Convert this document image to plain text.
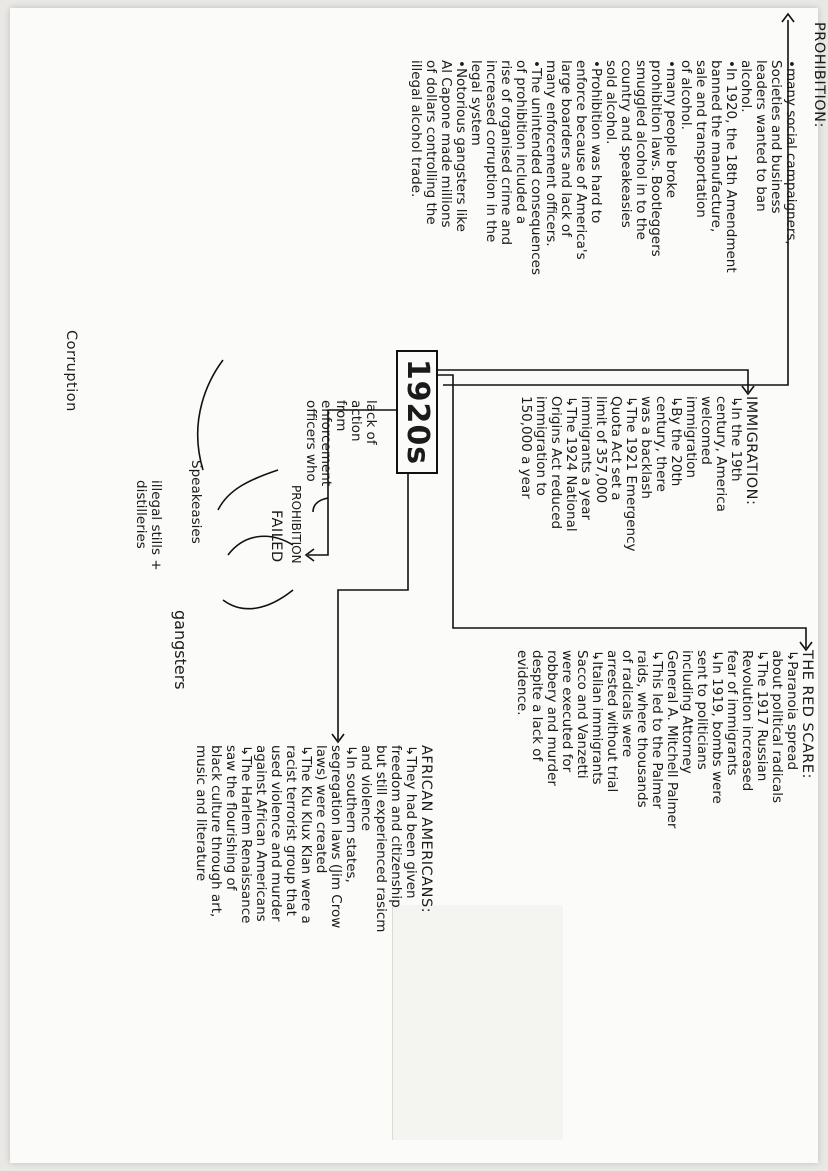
PROHIBITION:
•many social campaigners,
Societies and business
leaders wanted to ban
alcohol.
•In 1920, the 18th Amendment
banned the manufacture,
sale and transportation
of alcohol.
•many people broke
prohibition laws. Bootleggers
smuggled alcohol in to the
country and speakeasies
sold alcohol.
•Prohibition was hard to
enforce because of America's
large boarders and lack of
many enforcement officers.
•The unintended consequences
of prohibition included a
rise of organised crime and
increased corruption in the
legal system
•Notorious gangsters like
Al Capone made millions
of dollars controlling the
illegal alcohol trade.
IMMIGRATION:
↳In the 19th
century, America
welcomed
immigration
↳By the 20th
century, there
was a backlash
↳The 1921 Emergency
Quota Act set a
limit of 357,000
immigrants a year
↳The 1924 National
Origins Act reduced
immigration to
150,000 a year
1920s
THE RED SCARE:
↳Paranoia spread
about political radicals
↳The 1917 Russian
Revolution increased
fear of immigrants
↳In 1919, bombs were
sent to politicians
including Attorney
General A. Mitchell Palmer
↳This led to the Palmer
raids, where thousands
of radicals were
arrested without trial
↳Italian immigrants
Sacco and Vanzetti
were executed for
robbery and murder
despite a lack of
evidence.
AFRICAN AMERICANS:
↳They had been given
freedom and citizenship
but still experienced rasicm
and violence
↳In southern states,
segregation laws (Jim Crow
laws) were created
↳The Klu Klux Klan were a
racist terrorist group that
used violence and murder
against African Americans
↳The Harlem Renaissance
saw the flourishing of
black culture through art,
music and literature
lack of
action
from
enforcement
officers who
PROHIBITION
FAILED
Speakeasies
illegal stills +
distilleries
gangsters
Corruption
